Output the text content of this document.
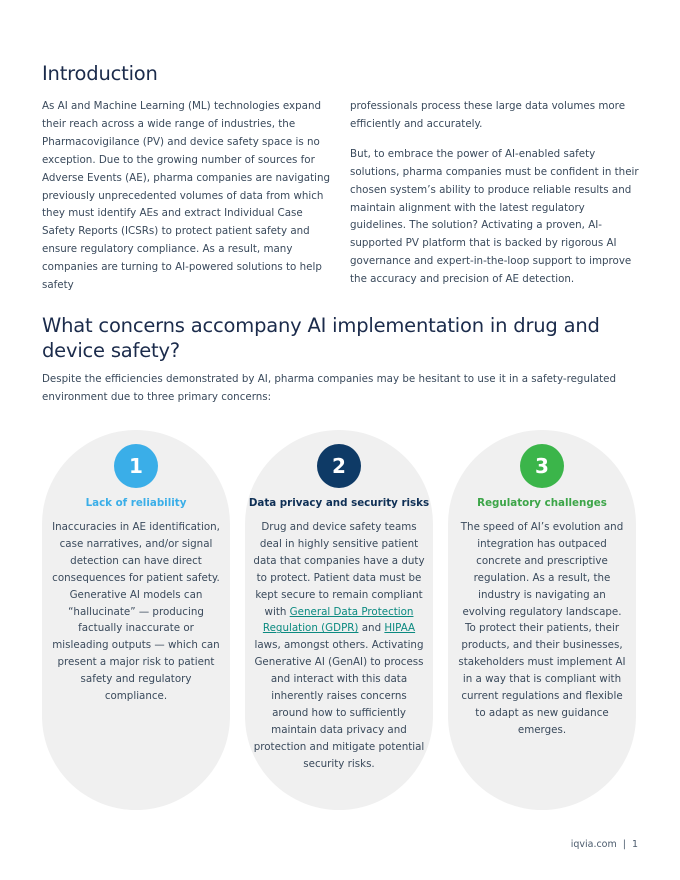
Introduction

As AI and Machine Learning (ML) technologies expand their reach across a wide range of industries, the Pharmacovigilance (PV) and device safety space is no exception. Due to the growing number of sources for Adverse Events (AE), pharma companies are navigating previously unprecedented volumes of data from which they must identify AEs and extract Individual Case Safety Reports (ICSRs) to protect patient safety and ensure regulatory compliance. As a result, many companies are turning to AI-powered solutions to help safety

professionals process these large data volumes more efficiently and accurately.

But, to embrace the power of AI-enabled safety solutions, pharma companies must be confident in their chosen system’s ability to produce reliable results and maintain alignment with the latest regulatory guidelines. The solution? Activating a proven, AI-supported PV platform that is backed by rigorous AI governance and expert-in-the-loop support to improve the accuracy and precision of AE detection.

What concerns accompany AI implementation in drug and device safety?

Despite the efficiencies demonstrated by AI, pharma companies may be hesitant to use it in a safety-regulated environment due to three primary concerns:

1

Lack of reliability

Inaccuracies in AE identification, case narratives, and/or signal detection can have direct consequences for patient safety. Generative AI models can “hallucinate” — producing factually inaccurate or misleading outputs — which can present a major risk to patient safety and regulatory compliance.

2

Data privacy and security risks

Drug and device safety teams deal in highly sensitive patient data that companies have a duty to protect. Patient data must be kept secure to remain compliant with General Data Protection Regulation (GDPR) and HIPAA laws, amongst others. Activating Generative AI (GenAI) to process and interact with this data inherently raises concerns around how to sufficiently maintain data privacy and protection and mitigate potential security risks.

3

Regulatory challenges

The speed of AI’s evolution and integration has outpaced concrete and prescriptive regulation. As a result, the industry is navigating an evolving regulatory landscape. To protect their patients, their products, and their businesses, stakeholders must implement AI in a way that is compliant with current regulations and flexible to adapt as new guidance emerges.

iqvia.com | 1
